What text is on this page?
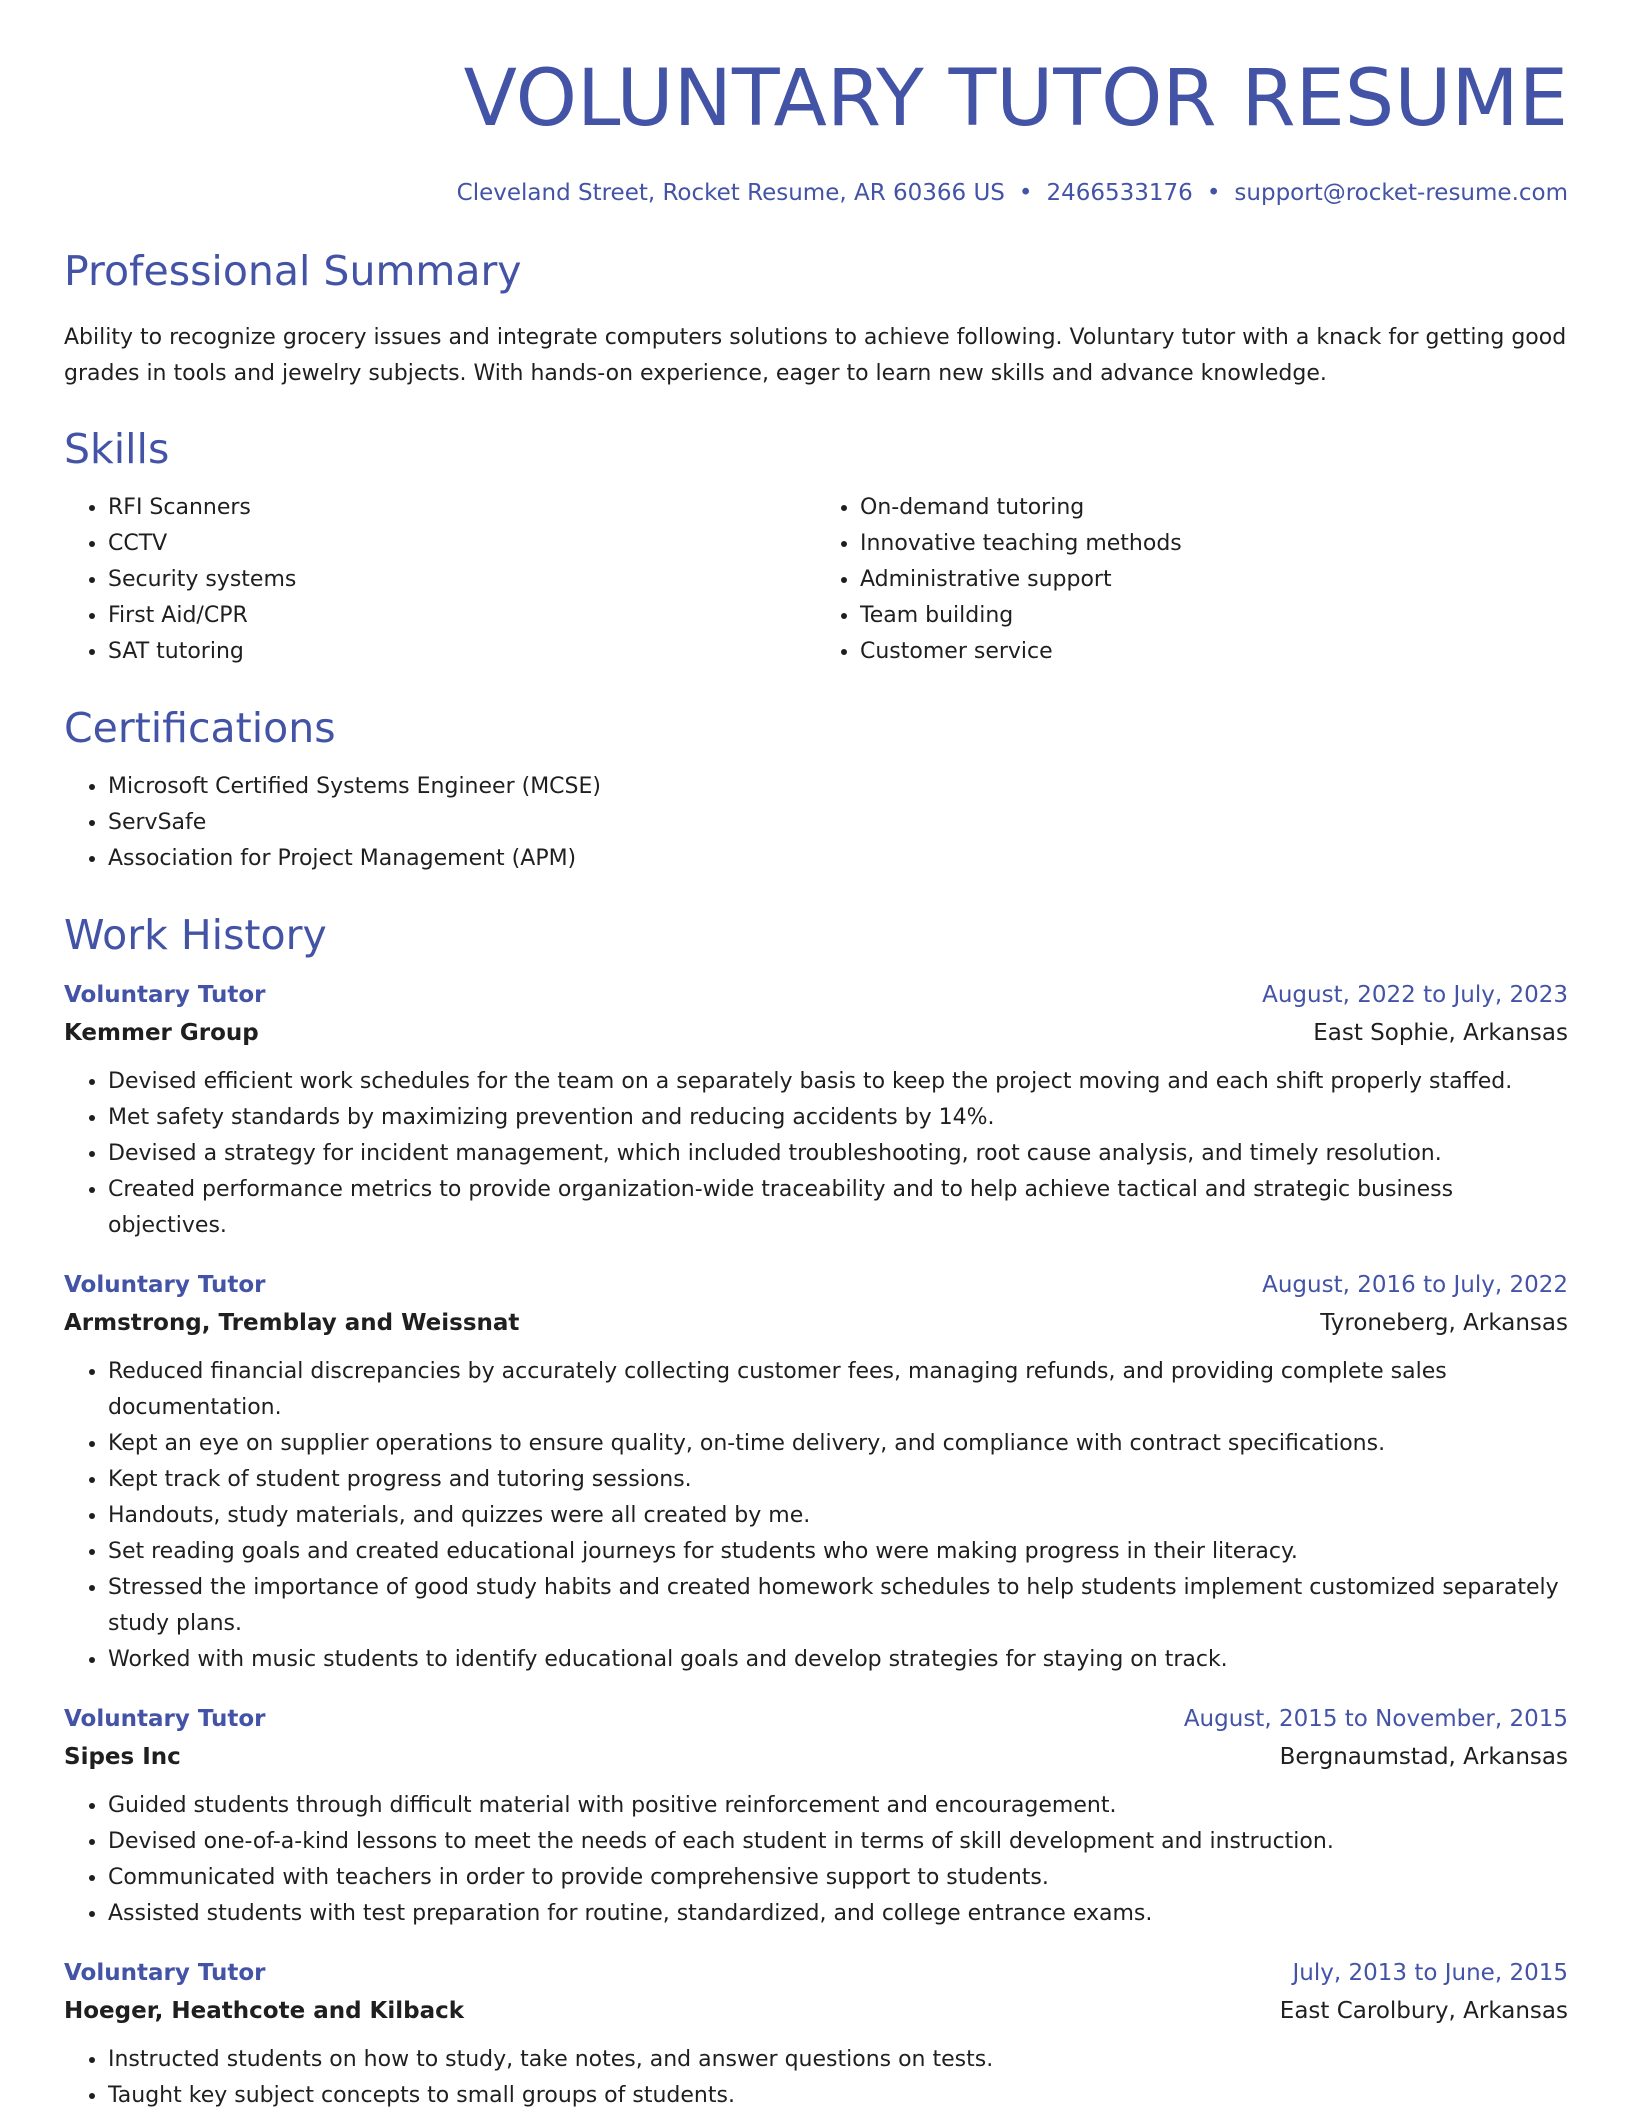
VOLUNTARY TUTOR RESUME
Cleveland Street, Rocket Resume, AR 60366 US • 2466533176 • support@rocket-resume.com
Professional Summary

Ability to recognize grocery issues and integrate computers solutions to achieve following. Voluntary tutor with a knack for getting good grades in tools and jewelry subjects. With hands-on experience, eager to learn new skills and advance knowledge.

Skills
• RFI Scanners
• CCTV
• Security systems
• First Aid/CPR
• SAT tutoring
• On-demand tutoring
• Innovative teaching methods
• Administrative support
• Team building
• Customer service
Certifications
• Microsoft Certified Systems Engineer (MCSE)
• ServSafe
• Association for Project Management (APM)
Work History
Voluntary Tutor	August, 2022 to July, 2023
Kemmer Group	East Sophie, Arkansas
• Devised efficient work schedules for the team on a separately basis to keep the project moving and each shift properly staffed.
• Met safety standards by maximizing prevention and reducing accidents by 14%.
• Devised a strategy for incident management, which included troubleshooting, root cause analysis, and timely resolution.
• Created performance metrics to provide organization-wide traceability and to help achieve tactical and strategic business objectives.
Voluntary Tutor	August, 2016 to July, 2022
Armstrong, Tremblay and Weissnat	Tyroneberg, Arkansas
• Reduced financial discrepancies by accurately collecting customer fees, managing refunds, and providing complete sales documentation.
• Kept an eye on supplier operations to ensure quality, on-time delivery, and compliance with contract specifications.
• Kept track of student progress and tutoring sessions.
• Handouts, study materials, and quizzes were all created by me.
• Set reading goals and created educational journeys for students who were making progress in their literacy.
• Stressed the importance of good study habits and created homework schedules to help students implement customized separately study plans.
• Worked with music students to identify educational goals and develop strategies for staying on track.
Voluntary Tutor	August, 2015 to November, 2015
Sipes Inc	Bergnaumstad, Arkansas
• Guided students through difficult material with positive reinforcement and encouragement.
• Devised one-of-a-kind lessons to meet the needs of each student in terms of skill development and instruction.
• Communicated with teachers in order to provide comprehensive support to students.
• Assisted students with test preparation for routine, standardized, and college entrance exams.
Voluntary Tutor	July, 2013 to June, 2015
Hoeger, Heathcote and Kilback	East Carolbury, Arkansas
• Instructed students on how to study, take notes, and answer questions on tests.
• Taught key subject concepts to small groups of students.
